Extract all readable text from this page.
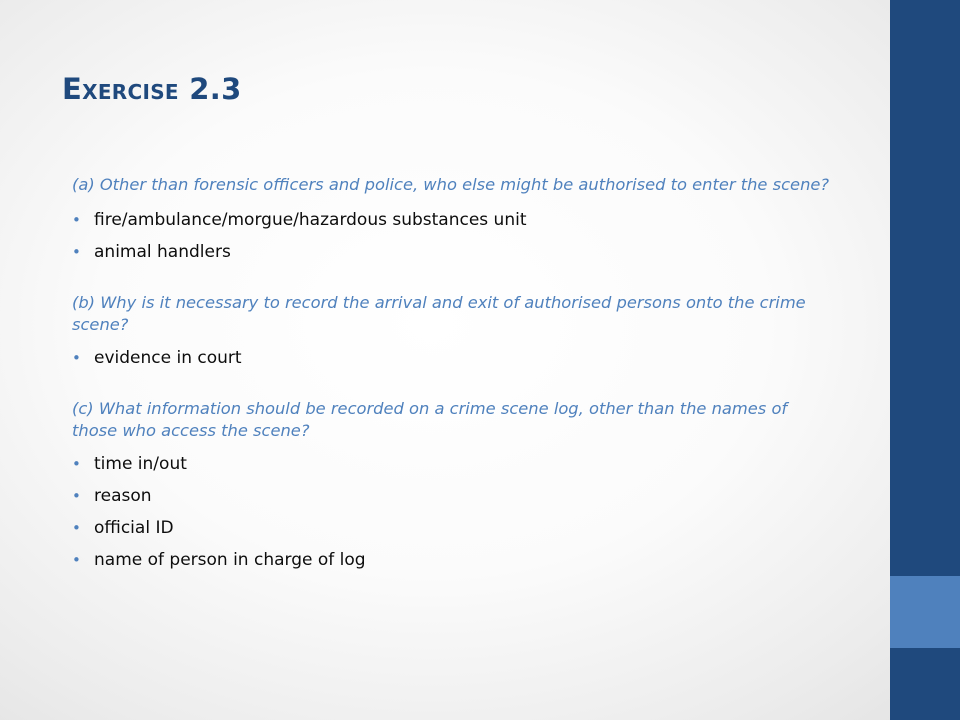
Exercise 2.3

(a) Other than forensic officers and police, who else might be authorised to enter the scene?

• fire/ambulance/morgue/hazardous substances unit
• animal handlers

(b) Why is it necessary to record the arrival and exit of authorised persons onto the crime scene?

• evidence in court

(c) What information should be recorded on a crime scene log, other than the names of those who access the scene?

• time in/out
• reason
• official ID
• name of person in charge of log
